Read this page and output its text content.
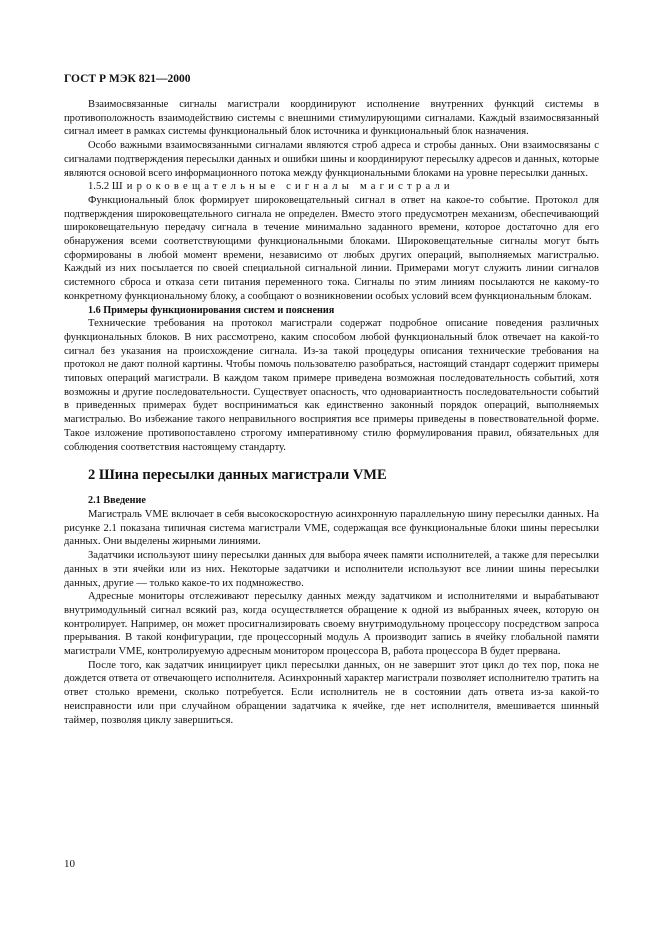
ГОСТ Р МЭК 821—2000

Взаимосвязанные сигналы магистрали координируют исполнение внутренних функций системы в противоположность взаимодействию системы с внешними стимулирующими сигналами. Каждый взаимосвязанный сигнал имеет в рамках системы функциональный блок источника и функциональный блок назначения.

Особо важными взаимосвязанными сигналами являются строб адреса и стробы данных. Они взаимосвязаны с сигналами подтверждения пересылки данных и ошибки шины и координируют пересылку адресов и данных, которые являются основой всего информационного потока между функциональными блоками на уровне пересылки данных.

1.5.2 Широковещательные сигналы магистрали

Функциональный блок формирует широковещательный сигнал в ответ на какое-то событие. Протокол для подтверждения широковещательного сигнала не определен. Вместо этого предусмотрен механизм, обеспечивающий широковещательную передачу сигнала в течение минимально заданного времени, которое достаточно для его обнаружения всеми соответствующими функциональными блоками. Широковещательные сигналы могут быть сформированы в любой момент времени, независимо от любых других операций, выполняемых магистралью. Каждый из них посылается по своей специальной сигнальной линии. Примерами могут служить линии сигналов системного сброса и отказа сети питания переменного тока. Сигналы по этим линиям посылаются не какому-то конкретному функциональному блоку, а сообщают о возникновении особых условий всем функциональным блокам.

1.6 Примеры функционирования систем и пояснения

Технические требования на протокол магистрали содержат подробное описание поведения различных функциональных блоков. В них рассмотрено, каким способом любой функциональный блок отвечает на какой-то сигнал без указания на происхождение сигнала. Из-за такой процедуры описания технические требования на протокол не дают полной картины. Чтобы помочь пользователю разобраться, настоящий стандарт содержит примеры типовых операций магистрали. В каждом таком примере приведена возможная последовательность событий, хотя возможны и другие последовательности. Существует опасность, что одновариантность последовательности событий в приведенных примерах будет восприниматься как единственно законный порядок операций, выполняемых магистралью. Во избежание такого неправильного восприятия все примеры приведены в повествовательной форме. Такое изложение противопоставлено строгому императивному стилю формулирования правил, обязательных для соблюдения соответствия настоящему стандарту.

2 Шина пересылки данных магистрали VME
2.1 Введение

Магистраль VME включает в себя высокоскоростную асинхронную параллельную шину пересылки данных. На рисунке 2.1 показана типичная система магистрали VME, содержащая все функциональные блоки шины пересылки данных. Они выделены жирными линиями.

Задатчики используют шину пересылки данных для выбора ячеек памяти исполнителей, а также для пересылки данных в эти ячейки или из них. Некоторые задатчики и исполнители используют все линии шины пересылки данных, другие — только какое-то их подмножество.

Адресные мониторы отслеживают пересылку данных между задатчиком и исполнителями и вырабатывают внутримодульный сигнал всякий раз, когда осуществляется обращение к одной из выбранных ячеек, которую он контролирует. Например, он может просигнализировать своему внутримодульному процессору посредством запроса прерывания. В такой конфигурации, где процессорный модуль А производит запись в ячейку глобальной памяти магистрали VME, контролируемую адресным монитором процессора В, работа процессора В будет прервана.

После того, как задатчик инициирует цикл пересылки данных, он не завершит этот цикл до тех пор, пока не дождется ответа от отвечающего исполнителя. Асинхронный характер магистрали позволяет исполнителю тратить на ответ столько времени, сколько потребуется. Если исполнитель не в состоянии дать ответа из-за какой-то неисправности или при случайном обращении задатчика к ячейке, где нет исполнителя, вмешивается шинный таймер, позволяя циклу завершиться.

10
